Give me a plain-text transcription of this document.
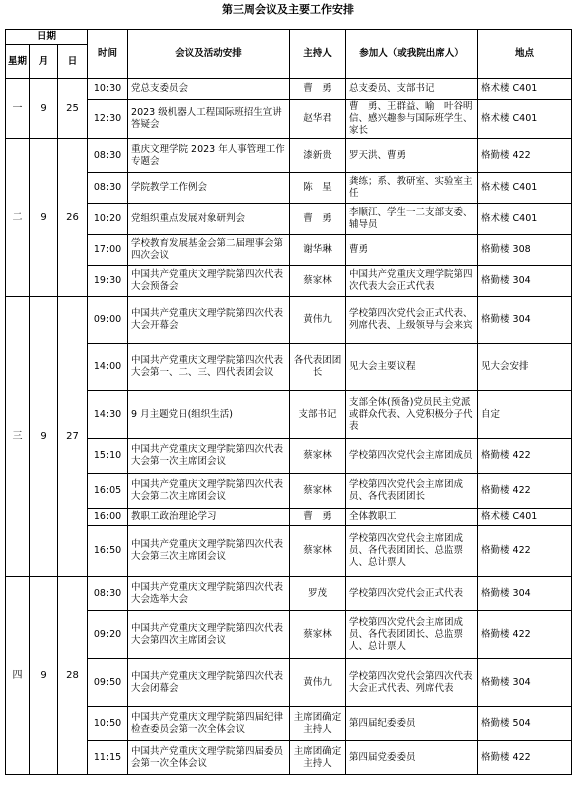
第三周会议及主要工作安排
日期			时间	会议及活动安排	主持人	参加人（或我院出席人）	地点
星期	月	日					
一	9	25	10:30	党总支委员会	曹　勇	总支委员、支部书记	格术楼 C401
			12:30	2023 级机器人工程国际班招生宣讲答疑会	赵华君	曹　勇、王群益、喻　叶谷明信、感兴趣参与国际班学生、家长	格术楼 C401
二	9	26	08:30	重庆文理学院 2023 年人事管理工作专题会	漆新贵	罗天洪、曹勇	格勤楼 422
			08:30	学院教学工作例会	陈　星	龚练；系、教研室、实验室主任	格术楼 C401
			10:20	党组织重点发展对象研判会	曹　勇	李顺江、学生一二支部支委、辅导员	格术楼 C401
			17:00	学校教育发展基金会第二届理事会第四次会议	谢华琳	曹勇	格勤楼 308
			19:30	中国共产党重庆文理学院第四次代表大会预备会	蔡家林	中国共产党重庆文理学院第四次代表大会正式代表	格勤楼 304
三	9	27	09:00	中国共产党重庆文理学院第四次代表大会开幕会	黄伟九	学校第四次党代会正式代表、列席代表、上级领导与会来宾	格勤楼 304
			14:00	中国共产党重庆文理学院第四次代表大会第一、二、三、四代表团会议	各代表团团长	见大会主要议程	见大会安排
			14:30	9 月主题党日(组织生活)	支部书记	支部全体(预备)党员民主党派或群众代表、入党积极分子代表	自定
			15:10	中国共产党重庆文理学院第四次代表大会第一次主席团会议	蔡家林	学校第四次党代会主席团成员	格勤楼 422
			16:05	中国共产党重庆文理学院第四次代表大会第二次主席团会议	蔡家林	学校第四次党代会主席团成员、各代表团团长	格勤楼 422
			16:00	教职工政治理论学习	曹　勇	全体教职工	格术楼 C401
			16:50	中国共产党重庆文理学院第四次代表大会第三次主席团会议	蔡家林	学校第四次党代会主席团成员、各代表团团长、总监票人、总计票人	格勤楼 422
四	9	28	08:30	中国共产党重庆文理学院第四次代表大会选举大会	罗茂	学校第四次党代会正式代表	格勤楼 304
			09:20	中国共产党重庆文理学院第四次代表大会第四次主席团会议	蔡家林	学校第四次党代会主席团成员、各代表团团长、总监票人、总计票人	格勤楼 422
			09:50	中国共产党重庆文理学院第四次代表大会闭幕会	黄伟九	学校第四次党代会第四次代表大会正式代表、列席代表	格勤楼 304
			10:50	中国共产党重庆文理学院第四届纪律检查委员会第一次全体会议	主席团确定主持人	第四届纪委委员	格勤楼 504
			11:15	中国共产党重庆文理学院第四届委员会第一次全体会议	主席团确定主持人	第四届党委委员	格勤楼 422
